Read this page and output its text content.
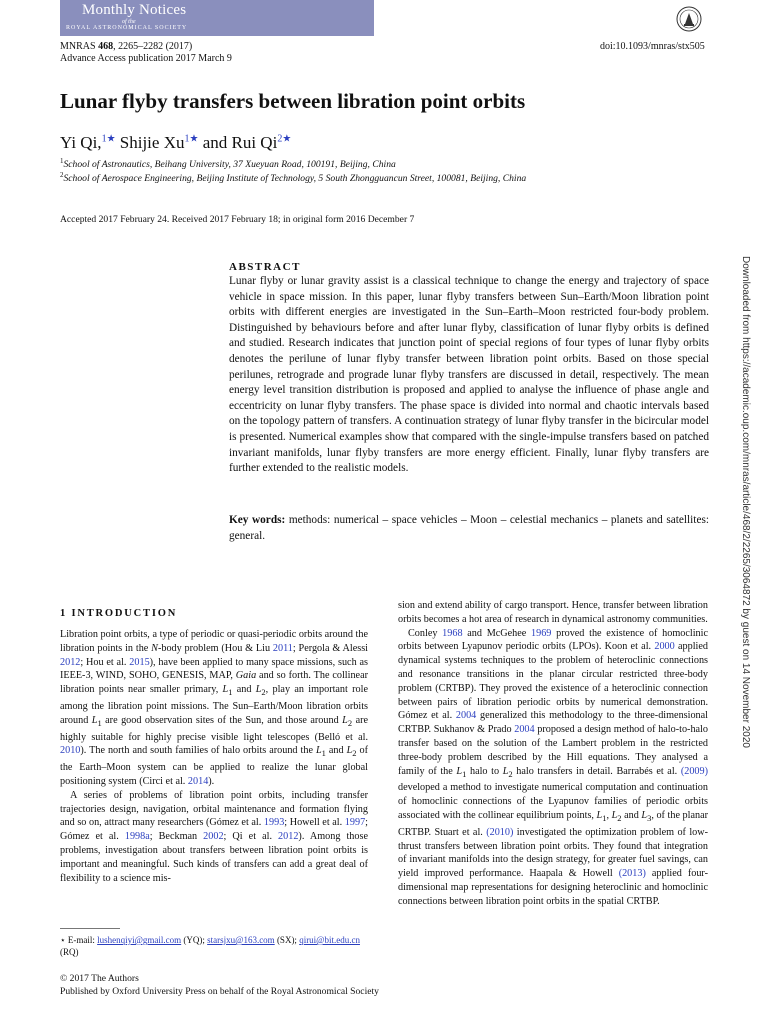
Monthly Notices
of the
ROYAL ASTRONOMICAL SOCIETY
MNRAS 468, 2265–2282 (2017)
Advance Access publication 2017 March 9
doi:10.1093/mnras/stx505
Lunar flyby transfers between libration point orbits
Yi Qi,$^{1★}$ Shijie $Xu^{1★}$ and Rui $Qi^{2★}$
$^1$School of Astronautics, Beihang University, 37 Xueyuan Road, 100191, Beijing, China
$^2$School of Aerospace Engineering, Beijing Institute of Technology, 5 South Zhongguancun Street, 100081, Beijing, China
Accepted 2017 February 24. Received 2017 February 18; in original form 2016 December 7
ABSTRACT
Lunar flyby or lunar gravity assist is a classical technique to change the energy and trajectory of space vehicle in space mission. In this paper, lunar flyby transfers between Sun–Earth/Moon libration point orbits with different energies are investigated in the Sun–Earth–Moon restricted four-body problem. Distinguished by behaviours before and after lunar flyby, classification of lunar flyby orbits is defined and studied. Research indicates that junction point of special regions of four types of lunar flyby orbits denotes the perilune of lunar flyby transfer between libration point orbits. Based on those special perilunes, retrograde and prograde lunar flyby transfers are discussed in detail, respectively. The mean energy level transition distribution is proposed and applied to analyse the influence of phase angle and eccentricity on lunar flyby transfers. The phase space is divided into normal and chaotic intervals based on the topology pattern of transfers. A continuation strategy of lunar flyby transfer in the bicircular model is presented. Numerical examples show that compared with the single-impulse transfers based on patched invariant manifolds, lunar flyby transfers are more energy efficient. Finally, lunar flyby transfers are further extended to the realistic models.
Key words: methods: numerical – space vehicles – Moon – celestial mechanics – planets and satellites: general.	Downloaded from https://academic.oup.com/mnras/article/468/2/2265/3064872 by guest on 14 November 2020
1 INTRODUCTION

Libration point orbits, a type of periodic or quasi-periodic orbits around the libration points in the N-body problem (Hou & Liu 2011; Pergola & Alessi 2012; Hou et al. 2015), have been applied to many space missions, such as IEEE-3, WIND, SOHO, GENESIS, MAP, Gaia and so forth. The collinear libration points near smaller primary, $L_1$ and $L_2$, play an important role among the libration point missions. The Sun–Earth/Moon libration orbits around $L_1$ are good observation sites of the Sun, and those around $L_2$ are highly suitable for highly precise visible light telescopes (Belló et al. 2010). The north and south families of halo orbits around the $L_1$ and $L_2$ of the Earth–Moon system can be applied to realize the lunar global positioning system (Circi et al. 2014).

A series of problems of libration point orbits, including transfer trajectories design, navigation, orbital maintenance and formation flying and so on, attract many researchers (Gómez et al. 1993; Howell et al. 1997; Gómez et al. 1998a; Beckman 2002; Qi et al. 2012). Among those problems, investigation about transfers between libration point orbits is important and meaningful. Such kinds of transfers can add a great deal of flexibility to a science mis-

sion and extend ability of cargo transport. Hence, transfer between libration orbits becomes a hot area of research in dynamical astronomy communities.

Conley 1968 and McGehee 1969 proved the existence of homoclinic orbits between Lyapunov periodic orbits (LPOs). Koon et al. 2000 applied dynamical systems techniques to the problem of heteroclinic connections and resonance transitions in the planar circular restricted three-body problem (CRTBP). They proved the existence of a heteroclinic connection between pairs of libration periodic orbits by numerical demonstration. Gómez et al. 2004 generalized this methodology to the three-dimensional CRTBP. Sukhanov & Prado 2004 proposed a design method of halo-to-halo transfer based on the solution of the Lambert problem in the restricted three-body problem described by the Hill equations. They analysed a family of the $L_1$ halo to $L_2$ halo transfers in detail. Barrabés et al. (2009) developed a method to investigate numerical computation and continuation of homoclinic connections of the Lyapunov families of periodic orbits associated with the collinear equilibrium points, $L_1$, $L_2$ and $L_3$, of the planar CRTBP. Stuart et al. (2010) investigated the optimization problem of low-thrust transfers between libration point orbits. They found that integration of invariant manifolds into the design strategy, for greater fuel savings, can yield improved performance. Haapala & Howell (2013) applied four-dimensional map representations for designing heteroclinic and homoclinic connections between libration point orbits in the spatial CRTBP.

⋆ E-mail: lushenqiyi@gmail.com (YQ); starsjxu@163.com (SX); qirui@bit.edu.cn (RQ)
© 2017 The Authors
Published by Oxford University Press on behalf of the Royal Astronomical Society
